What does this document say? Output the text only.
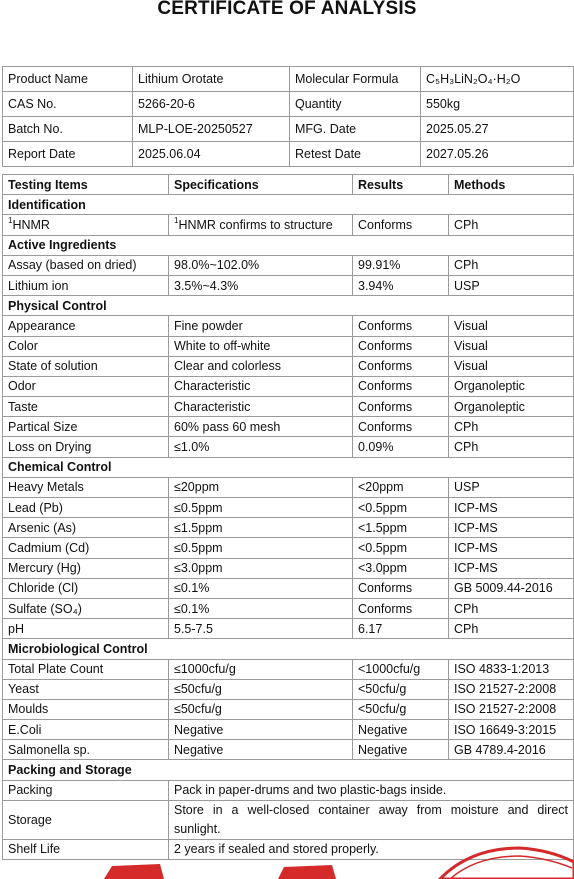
CERTIFICATE OF ANALYSIS
Product Name	Lithium Orotate	Molecular Formula	C₅H₃LiN₂O₄·H₂O
CAS No.	5266-20-6	Quantity	550kg
Batch No.	MLP-LOE-20250527	MFG. Date	2025.05.27
Report Date	2025.06.04	Retest Date	2027.05.26
Testing Items	Specifications	Results	Methods
Identification			
$^1$HNMR	$^1$HNMR confirms to structure	Conforms	CPh
Active Ingredients			
Assay (based on dried)	98.0%~102.0%	99.91%	CPh
Lithium ion	3.5%~4.3%	3.94%	USP
Physical Control			
Appearance	Fine powder	Conforms	Visual
Color	White to off-white	Conforms	Visual
State of solution	Clear and colorless	Conforms	Visual
Odor	Characteristic	Conforms	Organoleptic
Taste	Characteristic	Conforms	Organoleptic
Partical Size	60% pass 60 mesh	Conforms	CPh
Loss on Drying	≤1.0%	0.09%	CPh
Chemical Control			
Heavy Metals	≤20ppm	<20ppm	USP
Lead (Pb)	≤0.5ppm	<0.5ppm	ICP-MS
Arsenic (As)	≤1.5ppm	<1.5ppm	ICP-MS
Cadmium (Cd)	≤0.5ppm	<0.5ppm	ICP-MS
Mercury (Hg)	≤3.0ppm	<3.0ppm	ICP-MS
Chloride (Cl)	≤0.1%	Conforms	GB 5009.44-2016
Sulfate (SO₄)	≤0.1%	Conforms	CPh
pH	5.5-7.5	6.17	CPh
Microbiological Control			
Total Plate Count	≤1000cfu/g	<1000cfu/g	ISO 4833-1:2013
Yeast	≤50cfu/g	<50cfu/g	ISO 21527-2:2008
Moulds	≤50cfu/g	<50cfu/g	ISO 21527-2:2008
E.Coli	Negative	Negative	ISO 16649-3:2015
Salmonella sp.	Negative	Negative	GB 4789.4-2016
Packing and Storage			
Packing	Pack in paper-drums and two plastic-bags inside.		
Storage	Store in a well-closed container away from moisture and direct sunlight.		
Shelf Life	2 years if sealed and stored properly.		
